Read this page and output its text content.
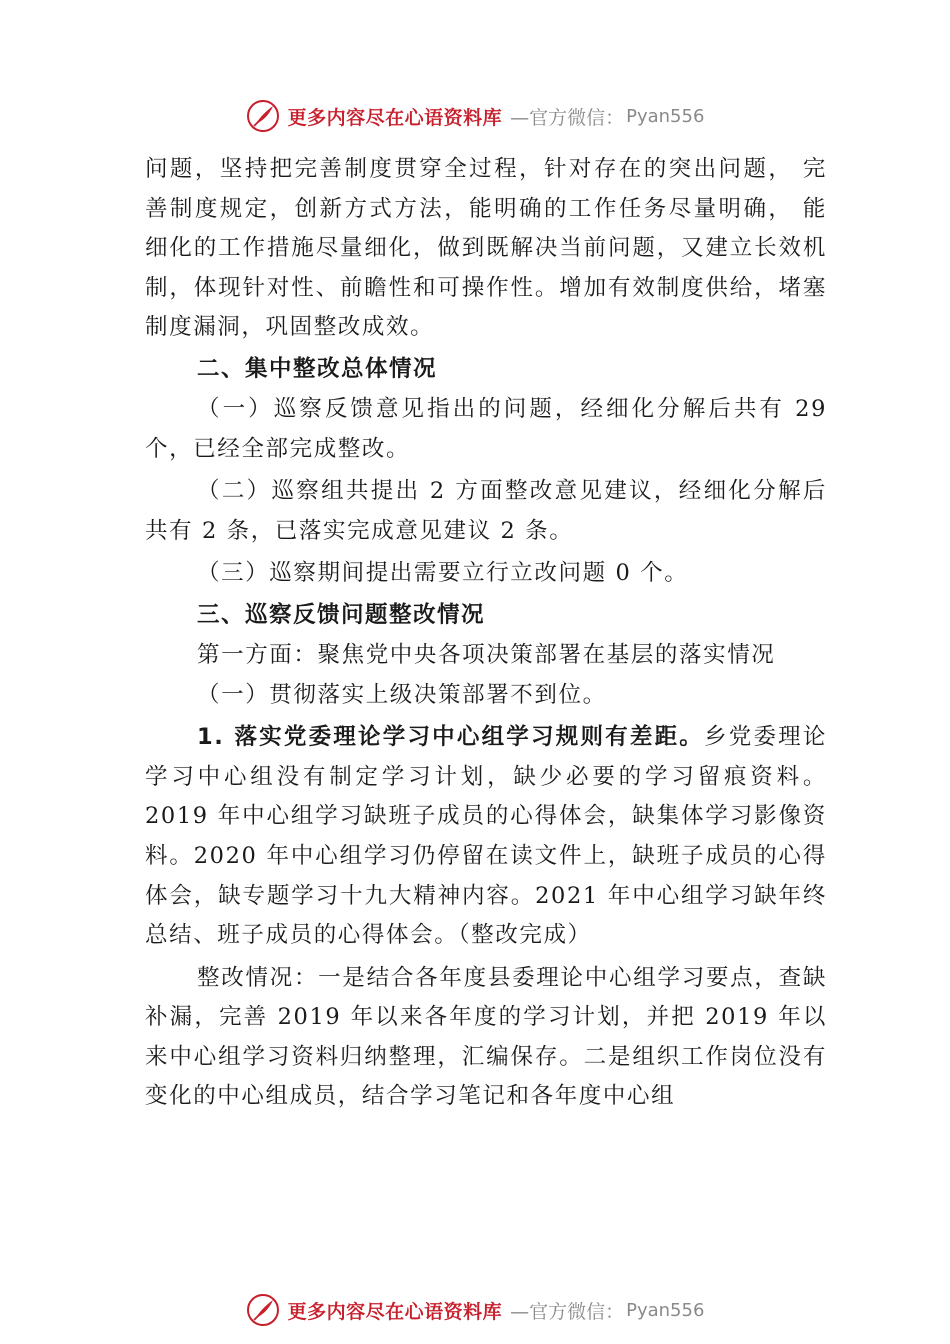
更多内容尽在心语资料库 —官方微信： Pyan556

问题，坚持把完善制度贯穿全过程，针对存在的突出问题， 完善制度规定，创新方式方法，能明确的工作任务尽量明确， 能细化的工作措施尽量细化，做到既解决当前问题，又建立长效机制，体现针对性、前瞻性和可操作性。增加有效制度供给，堵塞制度漏洞，巩固整改成效。

二、集中整改总体情况

（一）巡察反馈意见指出的问题，经细化分解后共有 29 个，已经全部完成整改。

（二）巡察组共提出 2 方面整改意见建议，经细化分解后共有 2 条，已落实完成意见建议 2 条。

（三）巡察期间提出需要立行立改问题 0 个。

三、巡察反馈问题整改情况

第一方面：聚焦党中央各项决策部署在基层的落实情况

（一）贯彻落实上级决策部署不到位。

1. 落实党委理论学习中心组学习规则有差距。乡党委理论学习中心组没有制定学习计划，缺少必要的学习留痕资料。2019 年中心组学习缺班子成员的心得体会，缺集体学习影像资料。2020 年中心组学习仍停留在读文件上，缺班子成员的心得体会，缺专题学习十九大精神内容。2021 年中心组学习缺年终总结、班子成员的心得体会。（整改完成）

整改情况：一是结合各年度县委理论中心组学习要点，查缺补漏，完善 2019 年以来各年度的学习计划，并把 2019 年以来中心组学习资料归纳整理，汇编保存。二是组织工作岗位没有变化的中心组成员，结合学习笔记和各年度中心组

更多内容尽在心语资料库 —官方微信： Pyan556
